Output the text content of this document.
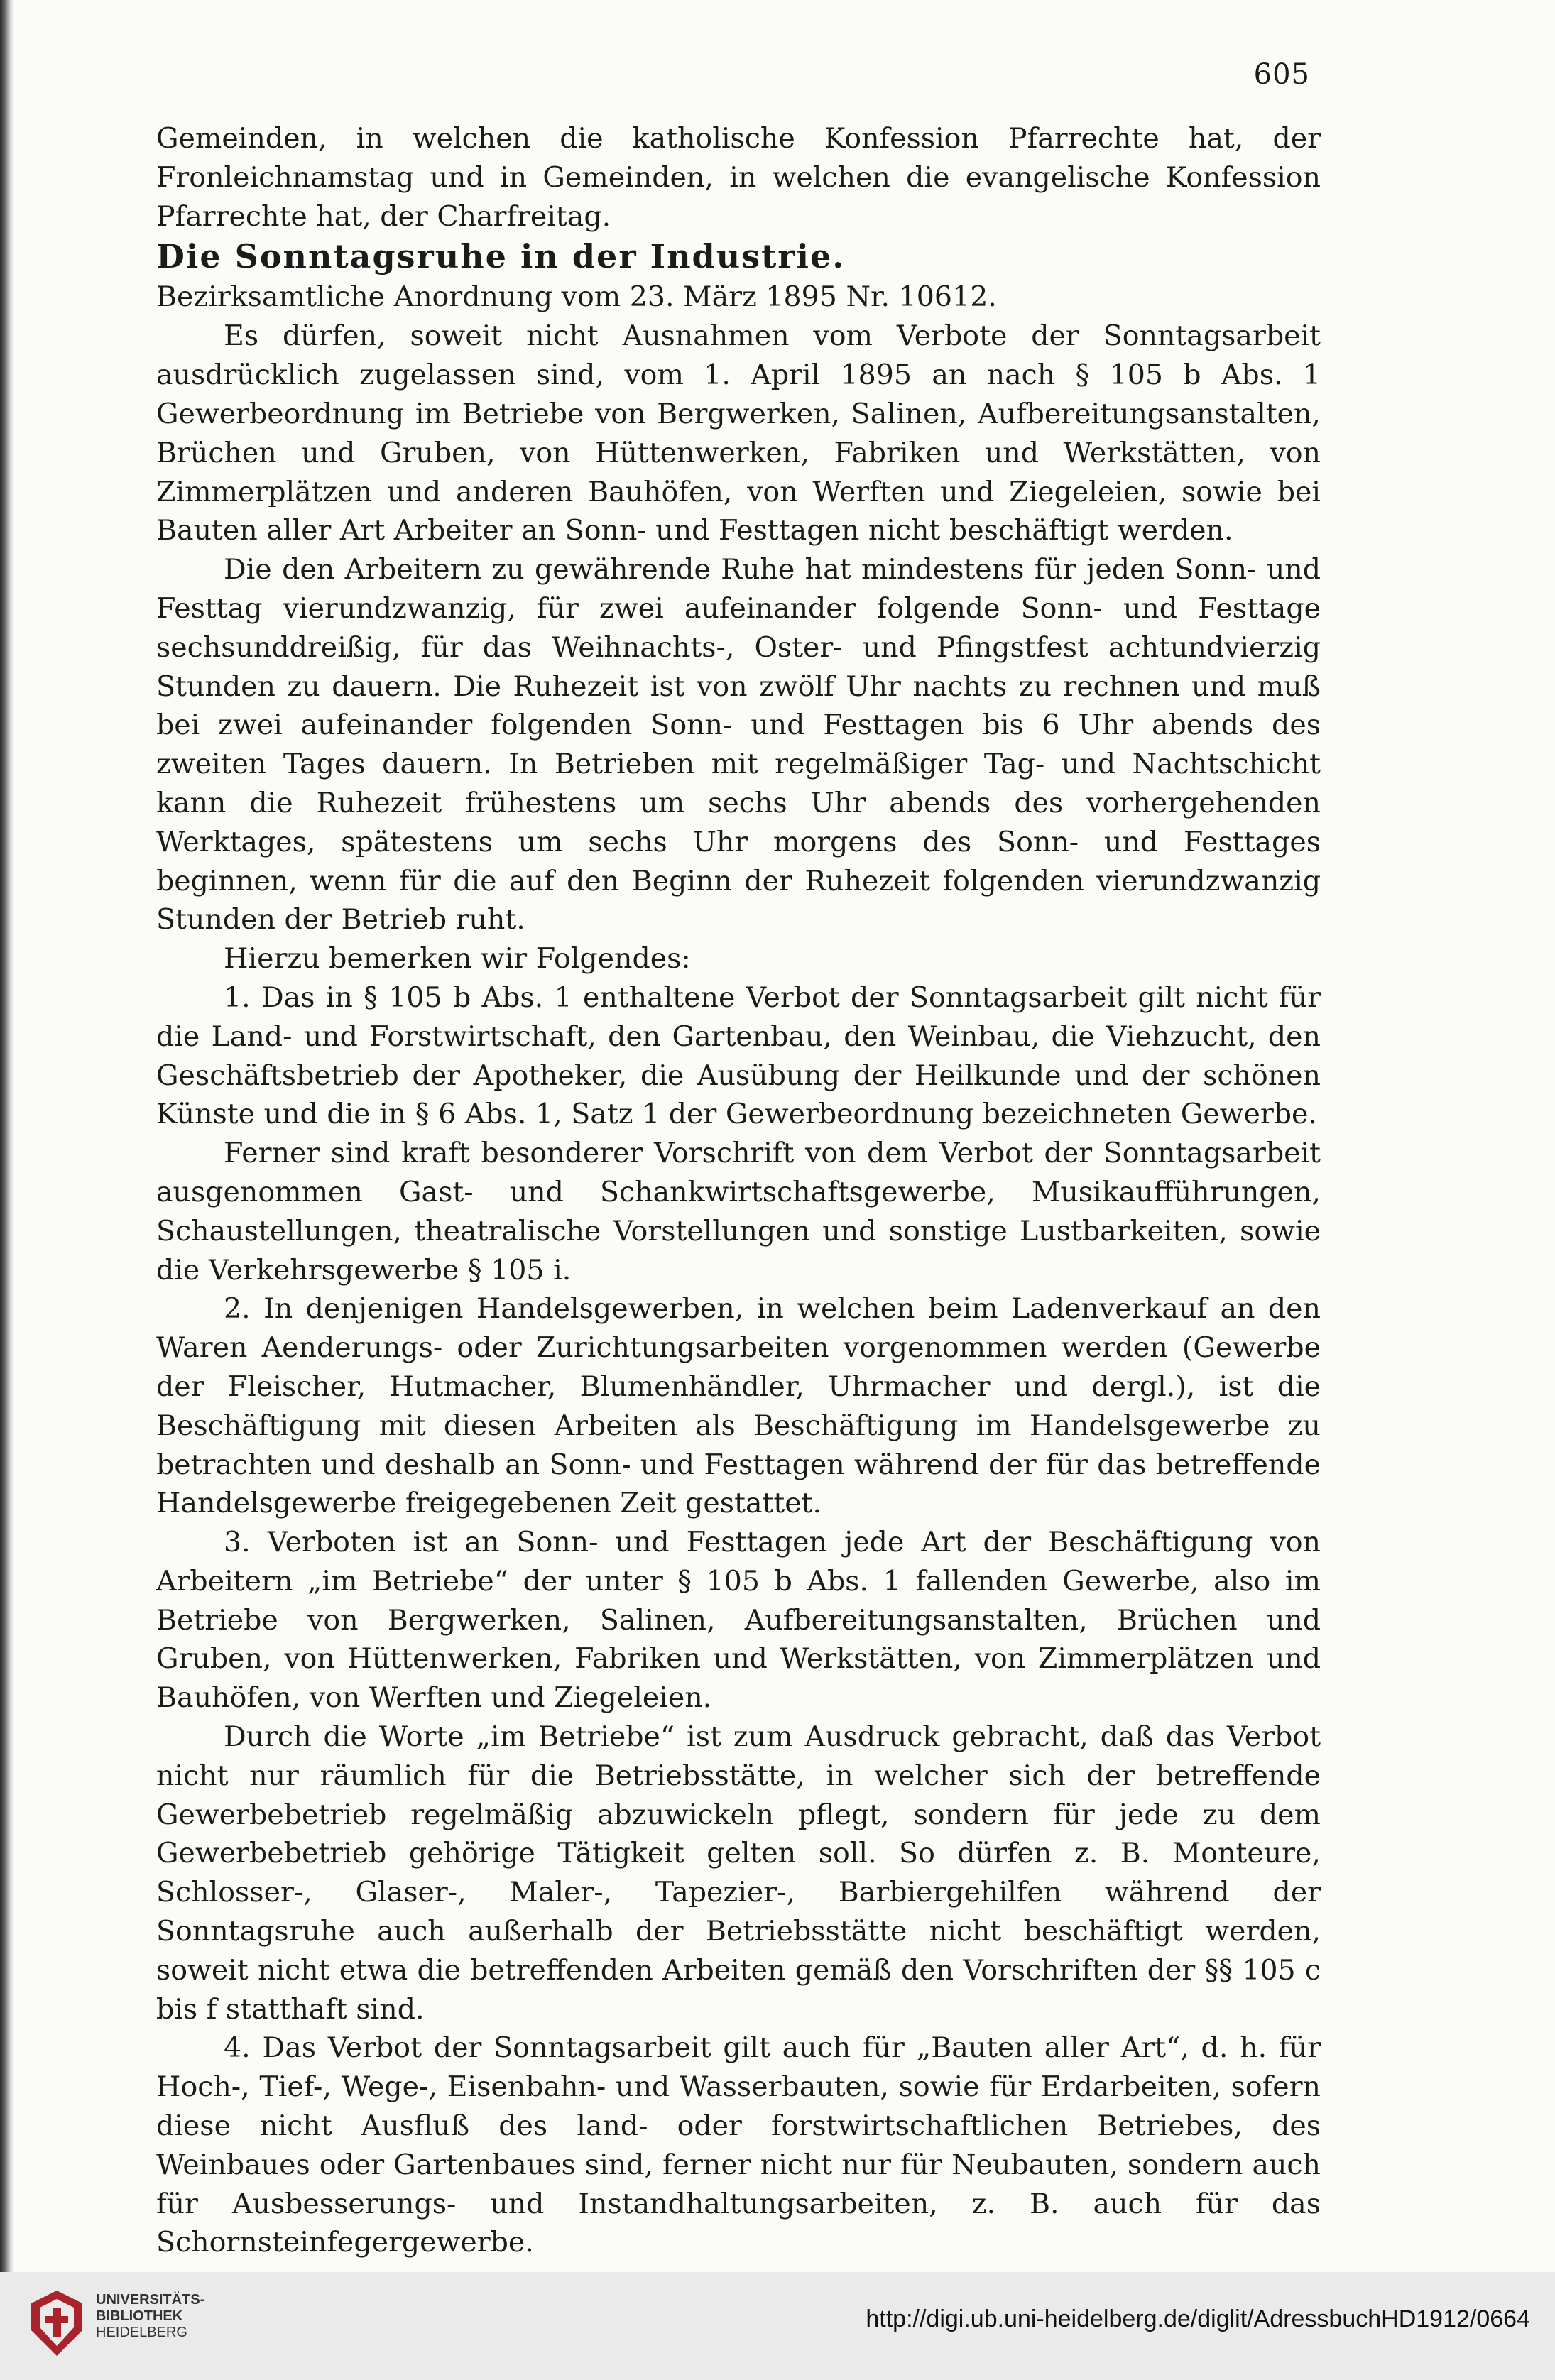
605

Gemeinden, in welchen die katholische Konfession Pfarrechte hat, der Fronleichnamstag und in Gemeinden, in welchen die evangelische Konfession Pfarrechte hat, der Charfreitag.

Die Sonntagsruhe in der Industrie.

Bezirksamtliche Anordnung vom 23. März 1895 Nr. 10612.

Es dürfen, soweit nicht Ausnahmen vom Verbote der Sonntagsarbeit ausdrücklich zugelassen sind, vom 1. April 1895 an nach § 105 b Abs. 1 Gewerbeordnung im Betriebe von Bergwerken, Salinen, Aufbereitungsanstalten, Brüchen und Gruben, von Hüttenwerken, Fabriken und Werkstätten, von Zimmerplätzen und anderen Bauhöfen, von Werften und Ziegeleien, sowie bei Bauten aller Art Arbeiter an Sonn- und Festtagen nicht beschäftigt werden.

Die den Arbeitern zu gewährende Ruhe hat mindestens für jeden Sonn- und Festtag vierundzwanzig, für zwei aufeinander folgende Sonn- und Festtage sechsunddreißig, für das Weihnachts-, Oster- und Pfingstfest achtundvierzig Stunden zu dauern. Die Ruhezeit ist von zwölf Uhr nachts zu rechnen und muß bei zwei aufeinander folgenden Sonn- und Festtagen bis 6 Uhr abends des zweiten Tages dauern. In Betrieben mit regelmäßiger Tag- und Nachtschicht kann die Ruhezeit frühestens um sechs Uhr abends des vorhergehenden Werktages, spätestens um sechs Uhr morgens des Sonn- und Festtages beginnen, wenn für die auf den Beginn der Ruhezeit folgenden vierundzwanzig Stunden der Betrieb ruht.

Hierzu bemerken wir Folgendes:

1. Das in § 105 b Abs. 1 enthaltene Verbot der Sonntagsarbeit gilt nicht für die Land- und Forstwirtschaft, den Gartenbau, den Weinbau, die Viehzucht, den Geschäftsbetrieb der Apotheker, die Ausübung der Heilkunde und der schönen Künste und die in § 6 Abs. 1, Satz 1 der Gewerbeordnung bezeichneten Gewerbe.

Ferner sind kraft besonderer Vorschrift von dem Verbot der Sonntagsarbeit ausgenommen Gast- und Schankwirtschaftsgewerbe, Musikaufführungen, Schaustellungen, theatralische Vorstellungen und sonstige Lustbarkeiten, sowie die Verkehrsgewerbe § 105 i.

2. In denjenigen Handelsgewerben, in welchen beim Ladenverkauf an den Waren Aenderungs- oder Zurichtungsarbeiten vorgenommen werden (Gewerbe der Fleischer, Hutmacher, Blumenhändler, Uhrmacher und dergl.), ist die Beschäftigung mit diesen Arbeiten als Beschäftigung im Handelsgewerbe zu betrachten und deshalb an Sonn- und Festtagen während der für das betreffende Handelsgewerbe freigegebenen Zeit gestattet.

3. Verboten ist an Sonn- und Festtagen jede Art der Beschäftigung von Arbeitern „im Betriebe“ der unter § 105 b Abs. 1 fallenden Gewerbe, also im Betriebe von Bergwerken, Salinen, Aufbereitungsanstalten, Brüchen und Gruben, von Hüttenwerken, Fabriken und Werkstätten, von Zimmerplätzen und Bauhöfen, von Werften und Ziegeleien.

Durch die Worte „im Betriebe“ ist zum Ausdruck gebracht, daß das Verbot nicht nur räumlich für die Betriebsstätte, in welcher sich der betreffende Gewerbebetrieb regelmäßig abzuwickeln pflegt, sondern für jede zu dem Gewerbebetrieb gehörige Tätigkeit gelten soll. So dürfen z. B. Monteure, Schlosser-, Glaser-, Maler-, Tapezier-, Barbiergehilfen während der Sonntagsruhe auch außerhalb der Betriebsstätte nicht beschäftigt werden, soweit nicht etwa die betreffenden Arbeiten gemäß den Vorschriften der §§ 105 c bis f statthaft sind.

4. Das Verbot der Sonntagsarbeit gilt auch für „Bauten aller Art“, d. h. für Hoch-, Tief-, Wege-, Eisenbahn- und Wasserbauten, sowie für Erdarbeiten, sofern diese nicht Ausfluß des land- oder forstwirtschaftlichen Betriebes, des Weinbaues oder Gartenbaues sind, ferner nicht nur für Neubauten, sondern auch für Ausbesserungs- und Instandhaltungsarbeiten, z. B. auch für das Schornsteinfegergewerbe.

UNIVERSITÄTS-
BIBLIOTHEK
HEIDELBERG	http://digi.ub.uni-heidelberg.de/diglit/AdressbuchHD1912/0664
